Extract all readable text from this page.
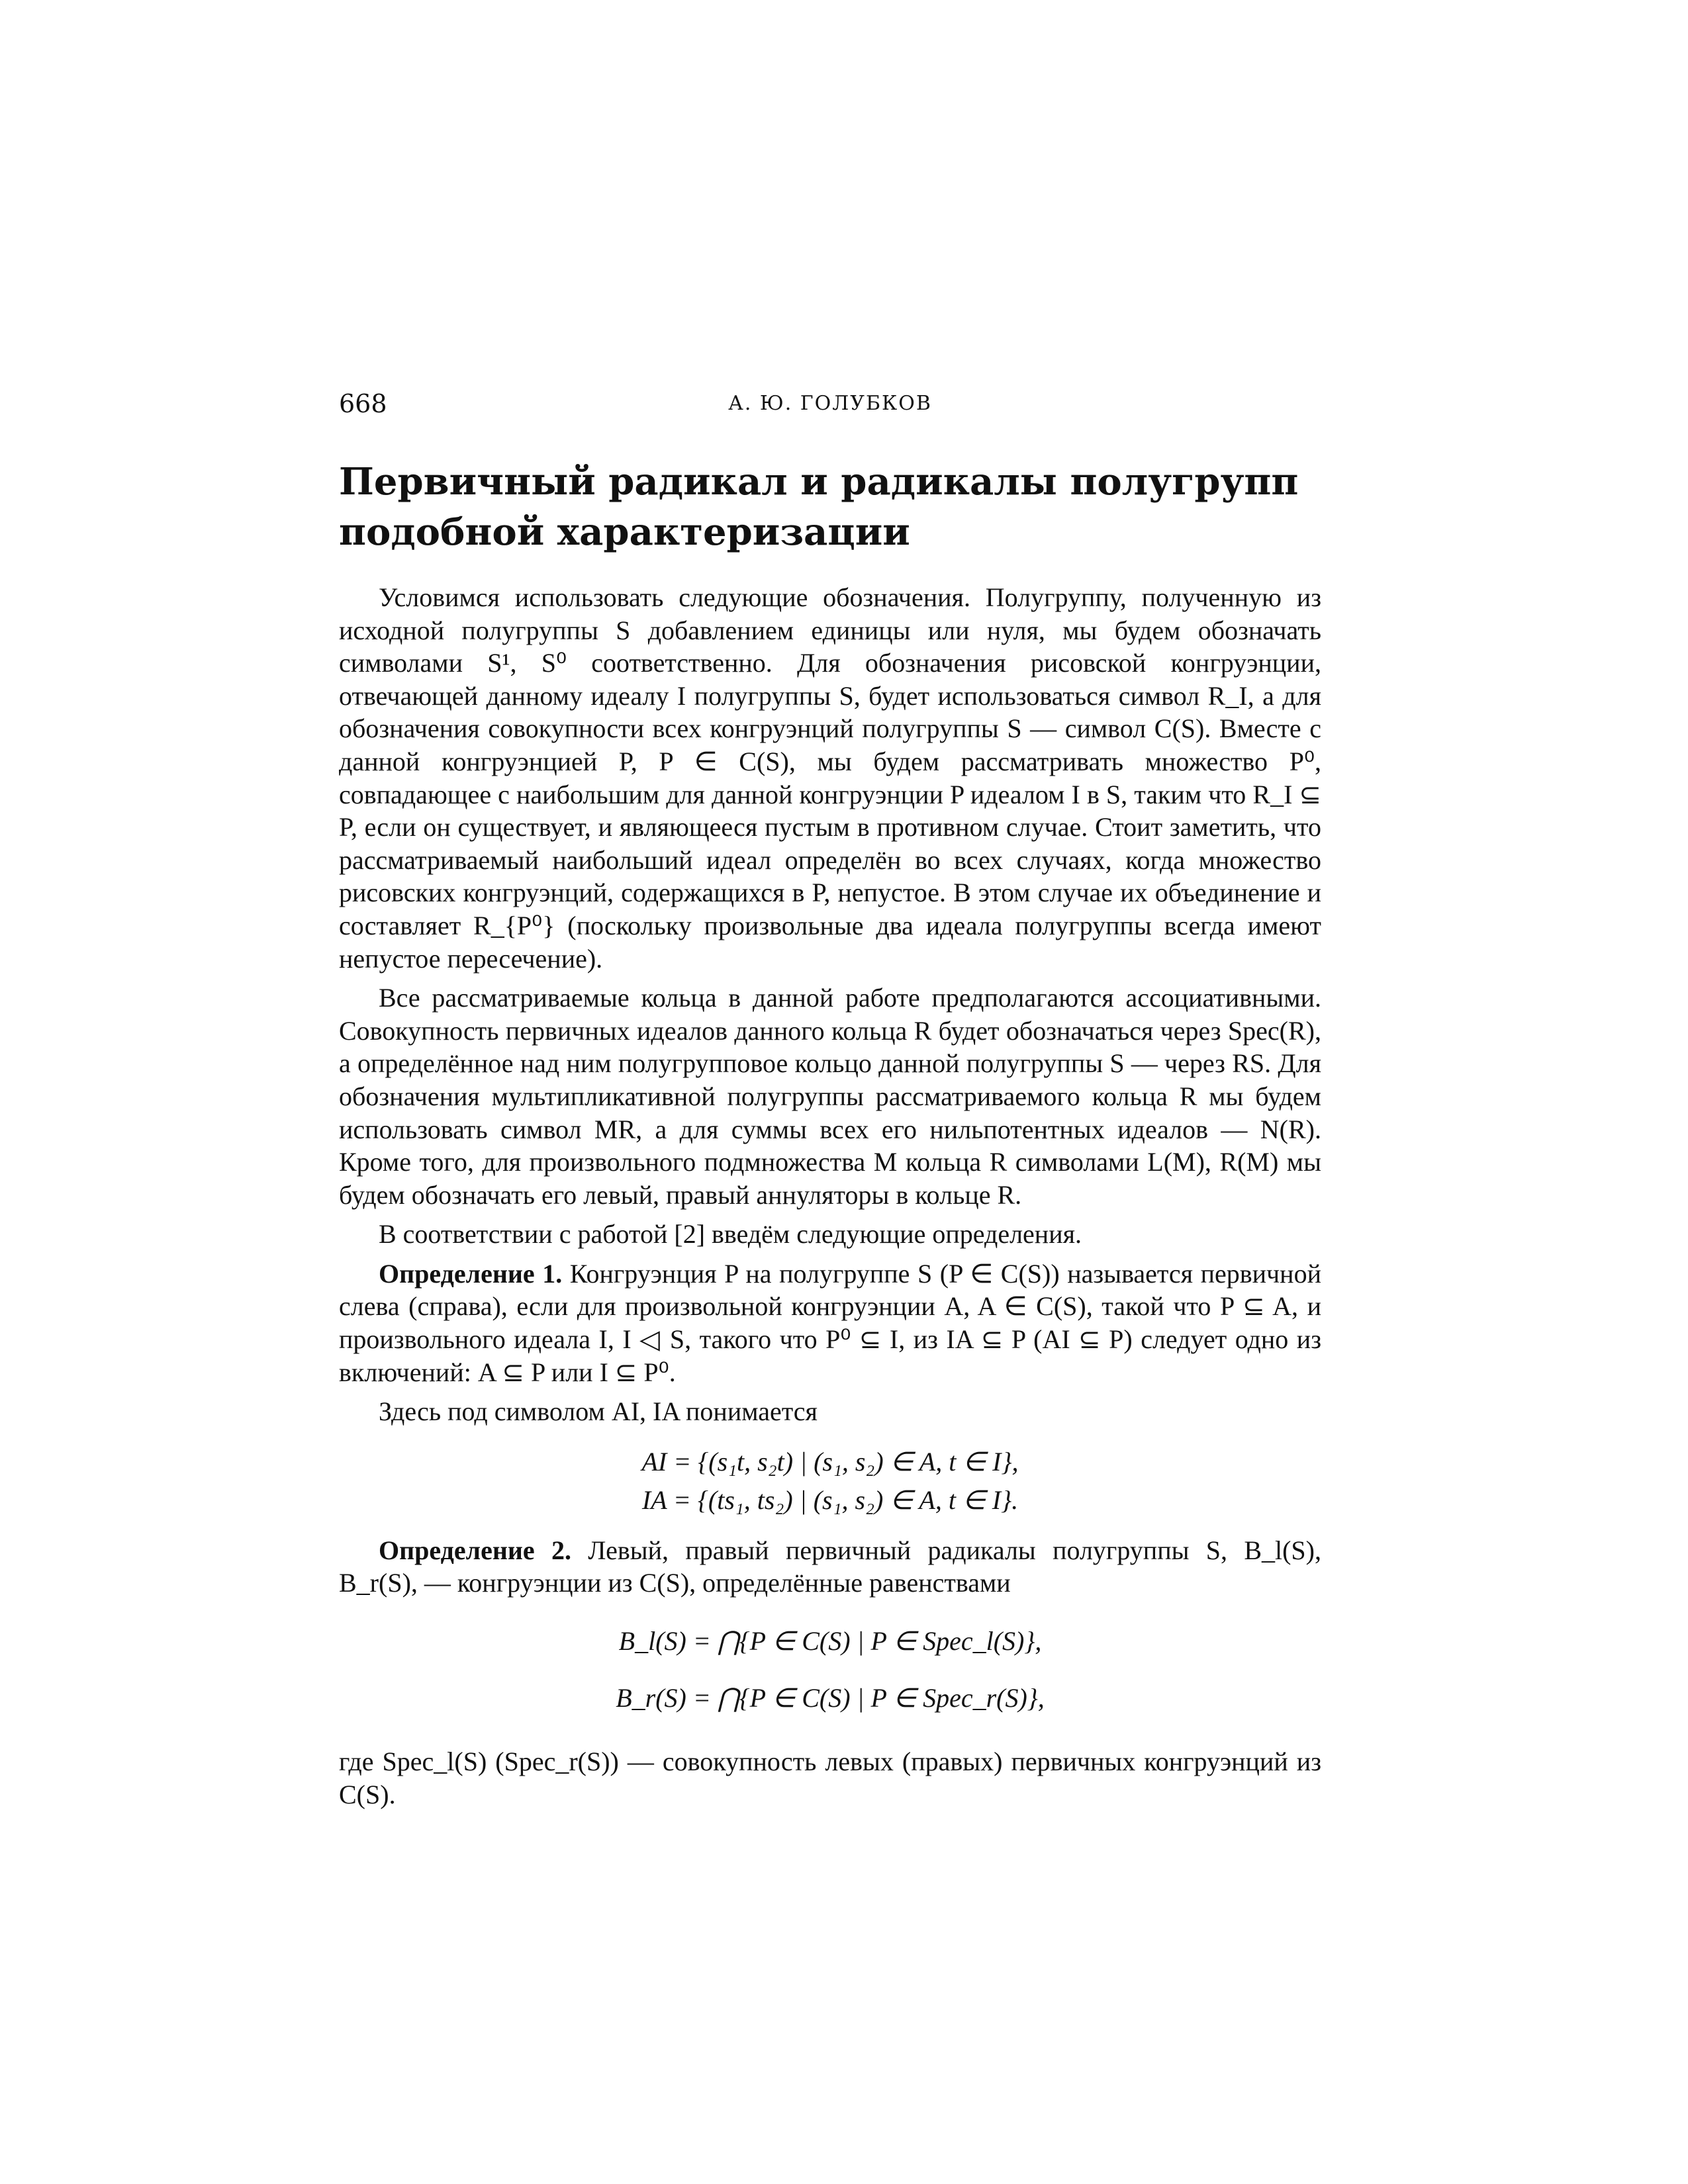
668	А. Ю. ГОЛУБКОВ
Первичный радикал и радикалы полугрупп
подобной характеризации

Условимся использовать следующие обозначения. Полугруппу, полученную из исходной полугруппы S добавлением единицы или нуля, мы будем обозначать символами S¹, S⁰ соответственно. Для обозначения рисовской конгруэнции, отвечающей данному идеалу I полугруппы S, будет использоваться символ R_I, а для обозначения совокупности всех конгруэнций полугруппы S — символ C(S). Вместе с данной конгруэнцией P, P ∈ C(S), мы будем рассматривать множество P⁰, совпадающее с наибольшим для данной конгруэнции P идеалом I в S, таким что R_I ⊆ P, если он существует, и являющееся пустым в противном случае. Стоит заметить, что рассматриваемый наибольший идеал определён во всех случаях, когда множество рисовских конгруэнций, содержащихся в P, непустое. В этом случае их объединение и составляет R_{P⁰} (поскольку произвольные два идеала полугруппы всегда имеют непустое пересечение).

Все рассматриваемые кольца в данной работе предполагаются ассоциативными. Совокупность первичных идеалов данного кольца R будет обозначаться через Spec(R), а определённое над ним полугрупповое кольцо данной полугруппы S — через RS. Для обозначения мультипликативной полугруппы рассматриваемого кольца R мы будем использовать символ MR, а для суммы всех его нильпотентных идеалов — N(R). Кроме того, для произвольного подмножества M кольца R символами L(M), R(M) мы будем обозначать его левый, правый аннуляторы в кольце R.

В соответствии с работой [2] введём следующие определения.

Определение 1. Конгруэнция P на полугруппе S (P ∈ C(S)) называется первичной слева (справа), если для произвольной конгруэнции A, A ∈ C(S), такой что P ⊆ A, и произвольного идеала I, I ◁ S, такого что P⁰ ⊆ I, из IA ⊆ P (AI ⊆ P) следует одно из включений: A ⊆ P или I ⊆ P⁰.

Здесь под символом AI, IA понимается

AI = {(s₁t, s₂t) | (s₁, s₂) ∈ A, t ∈ I},
IA = {(ts₁, ts₂) | (s₁, s₂) ∈ A, t ∈ I}.

Определение 2. Левый, правый первичный радикалы полугруппы S, B_l(S), B_r(S), — конгруэнции из C(S), определённые равенствами

B_l(S) = ⋂{P ∈ C(S) | P ∈ Spec_l(S)},
B_r(S) = ⋂{P ∈ C(S) | P ∈ Spec_r(S)},

где Spec_l(S) (Spec_r(S)) — совокупность левых (правых) первичных конгруэнций из C(S).
